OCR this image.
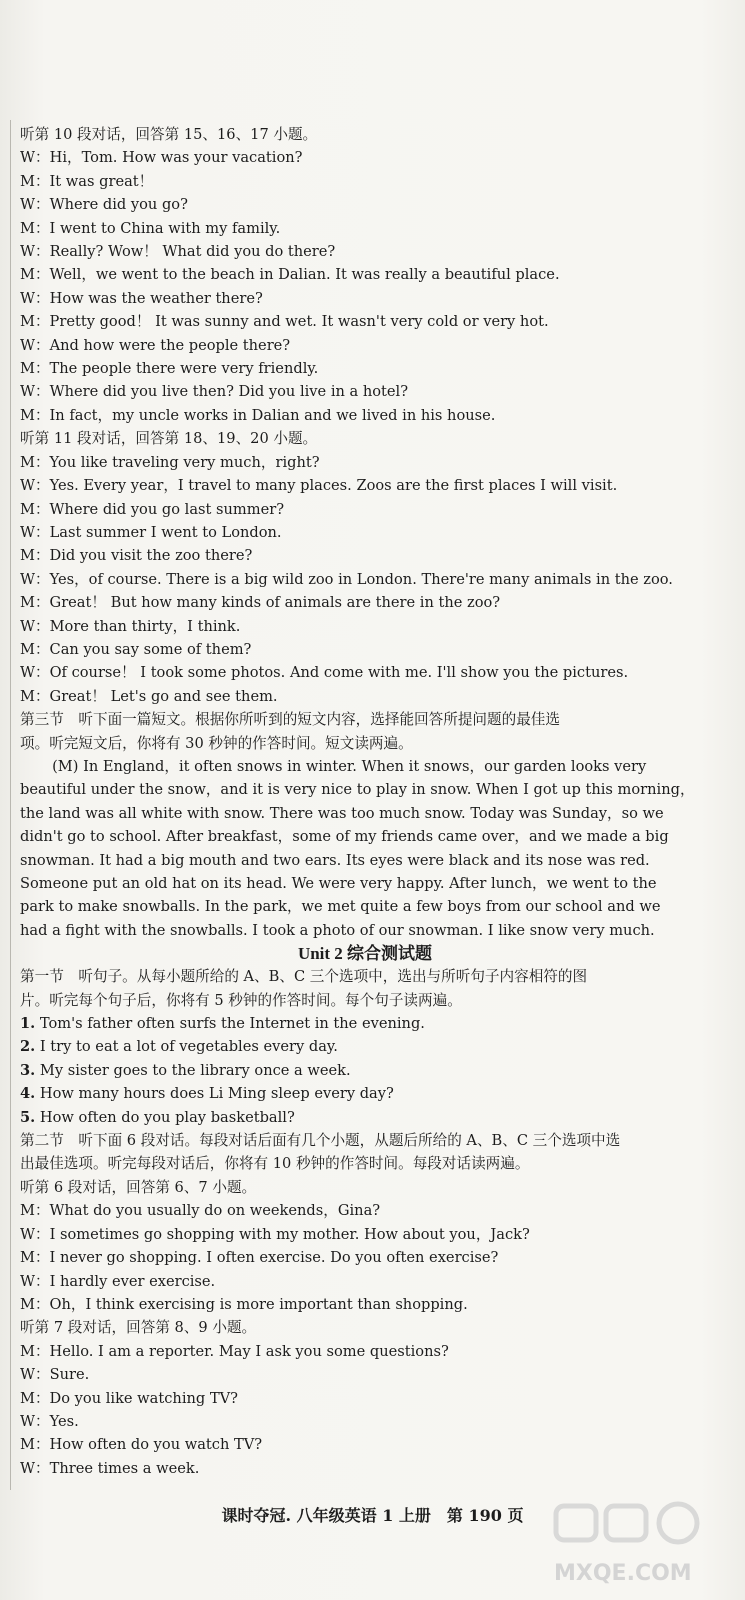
听第 10 段对话，回答第 15、16、17 小题。
W：Hi，Tom. How was your vacation?
M：It was great！
W：Where did you go?
M：I went to China with my family.
W：Really? Wow！ What did you do there?
M：Well，we went to the beach in Dalian. It was really a beautiful place.
W：How was the weather there?
M：Pretty good！ It was sunny and wet. It wasn't very cold or very hot.
W：And how were the people there?
M：The people there were very friendly.
W：Where did you live then? Did you live in a hotel?
M：In fact，my uncle works in Dalian and we lived in his house.
听第 11 段对话，回答第 18、19、20 小题。
M：You like traveling very much，right?
W：Yes. Every year，I travel to many places. Zoos are the first places I will visit.
M：Where did you go last summer?
W：Last summer I went to London.
M：Did you visit the zoo there?
W：Yes，of course. There is a big wild zoo in London. There're many animals in the zoo.
M：Great！ But how many kinds of animals are there in the zoo?
W：More than thirty，I think.
M：Can you say some of them?
W：Of course！ I took some photos. And come with me. I'll show you the pictures.
M：Great！ Let's go and see them.
第三节　听下面一篇短文。根据你所听到的短文内容，选择能回答所提问题的最佳选
项。听完短文后，你将有 30 秒钟的作答时间。短文读两遍。
(M) In England，it often snows in winter. When it snows，our garden looks very
beautiful under the snow，and it is very nice to play in snow. When I got up this morning，
the land was all white with snow. There was too much snow. Today was Sunday，so we
didn't go to school. After breakfast，some of my friends came over，and we made a big
snowman. It had a big mouth and two ears. Its eyes were black and its nose was red.
Someone put an old hat on its head. We were very happy. After lunch，we went to the
park to make snowballs. In the park，we met quite a few boys from our school and we
had a fight with the snowballs. I took a photo of our snowman. I like snow very much.
Unit 2 综合测试题
第一节　听句子。从每小题所给的 A、B、C 三个选项中，选出与所听句子内容相符的图
片。听完每个句子后，你将有 5 秒钟的作答时间。每个句子读两遍。
1. Tom's father often surfs the Internet in the evening.
2. I try to eat a lot of vegetables every day.
3. My sister goes to the library once a week.
4. How many hours does Li Ming sleep every day?
5. How often do you play basketball?
第二节　听下面 6 段对话。每段对话后面有几个小题，从题后所给的 A、B、C 三个选项中选
出最佳选项。听完每段对话后，你将有 10 秒钟的作答时间。每段对话读两遍。
听第 6 段对话，回答第 6、7 小题。
M：What do you usually do on weekends，Gina?
W：I sometimes go shopping with my mother. How about you，Jack?
M：I never go shopping. I often exercise. Do you often exercise?
W：I hardly ever exercise.
M：Oh，I think exercising is more important than shopping.
听第 7 段对话，回答第 8、9 小题。
M：Hello. I am a reporter. May I ask you some questions?
W：Sure.
M：Do you like watching TV?
W：Yes.
M：How often do you watch TV?
W：Three times a week.
课时夺冠. 八年级英语 1 上册　第 190 页
MXQE.COM
